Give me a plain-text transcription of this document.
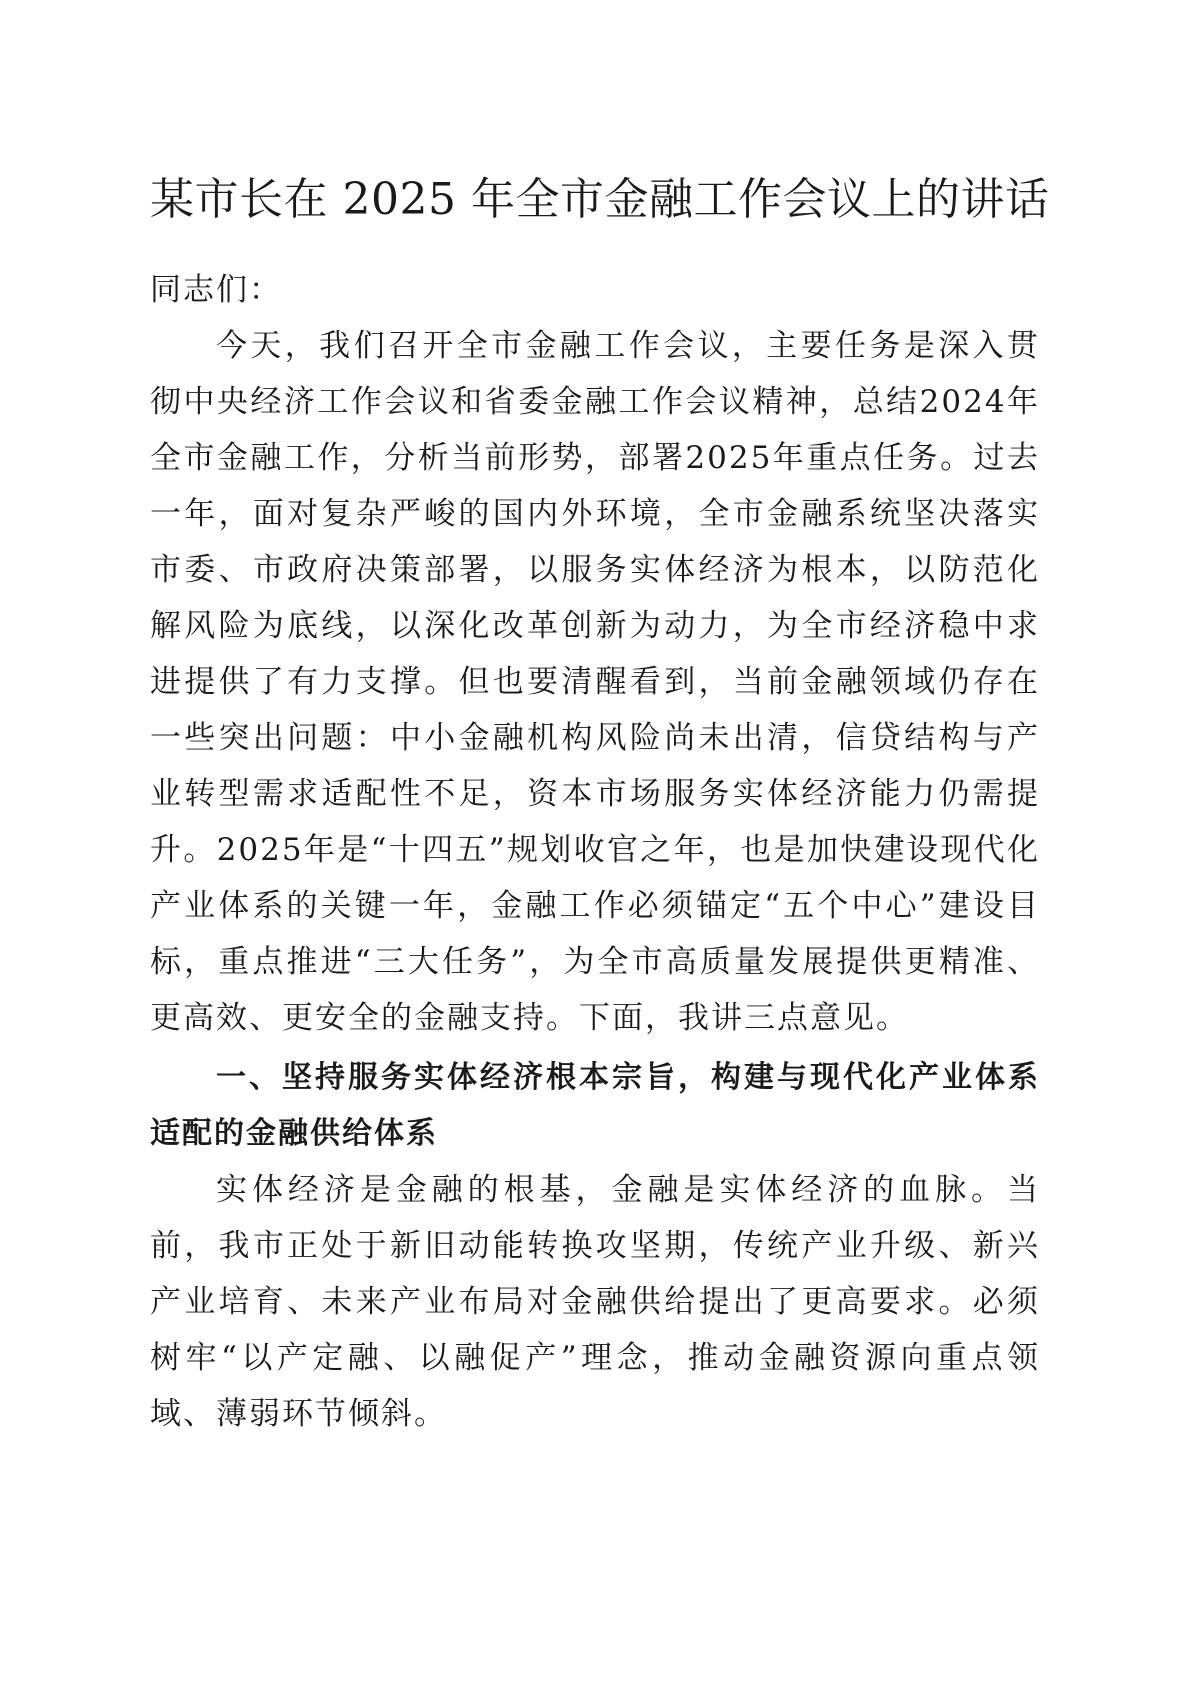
某市长在 2025 年全市金融工作会议上的讲话

同志们：

今天，我们召开全市金融工作会议，主要任务是深入贯彻中央经济工作会议和省委金融工作会议精神，总结2024年全市金融工作，分析当前形势，部署2025年重点任务。过去一年，面对复杂严峻的国内外环境，全市金融系统坚决落实市委、市政府决策部署，以服务实体经济为根本，以防范化解风险为底线，以深化改革创新为动力，为全市经济稳中求进提供了有力支撑。但也要清醒看到，当前金融领域仍存在一些突出问题：中小金融机构风险尚未出清，信贷结构与产业转型需求适配性不足，资本市场服务实体经济能力仍需提升。2025年是“十四五”规划收官之年，也是加快建设现代化产业体系的关键一年，金融工作必须锚定“五个中心”建设目标，重点推进“三大任务”，为全市高质量发展提供更精准、更高效、更安全的金融支持。下面，我讲三点意见。

一、坚持服务实体经济根本宗旨，构建与现代化产业体系适配的金融供给体系

实体经济是金融的根基，金融是实体经济的血脉。当前，我市正处于新旧动能转换攻坚期，传统产业升级、新兴产业培育、未来产业布局对金融供给提出了更高要求。必须树牢“以产定融、以融促产”理念，推动金融资源向重点领域、薄弱环节倾斜。
